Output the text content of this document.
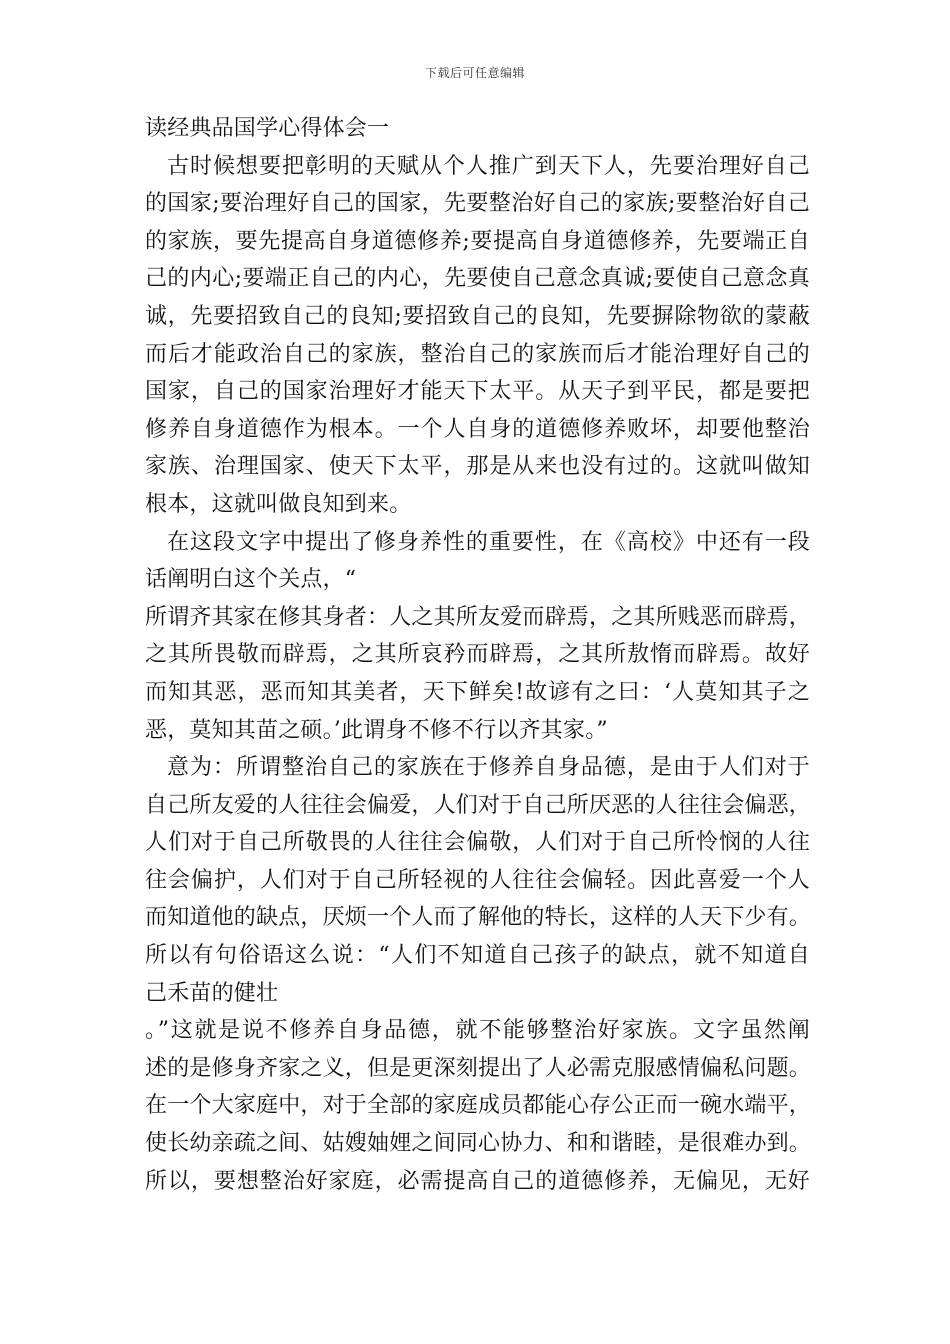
下载后可任意编辑
读经典品国学心得体会一
古时候想要把彰明的天赋从个人推广到天下人，先要治理好自己
的国家;要治理好自己的国家，先要整治好自己的家族;要整治好自己
的家族，要先提高自身道德修养;要提高自身道德修养，先要端正自
己的内心;要端正自己的内心，先要使自己意念真诚;要使自己意念真
诚，先要招致自己的良知;要招致自己的良知，先要摒除物欲的蒙蔽
而后才能政治自己的家族，整治自己的家族而后才能治理好自己的
国家，自己的国家治理好才能天下太平。从天子到平民，都是要把
修养自身道德作为根本。一个人自身的道德修养败坏，却要他整治
家族、治理国家、使天下太平，那是从来也没有过的。这就叫做知
根本，这就叫做良知到来。
在这段文字中提出了修身养性的重要性，在《高校》中还有一段
话阐明白这个关点，“
所谓齐其家在修其身者：人之其所友爱而辟焉，之其所贱恶而辟焉，
之其所畏敬而辟焉，之其所哀矜而辟焉，之其所敖惰而辟焉。故好
而知其恶，恶而知其美者，天下鲜矣!故谚有之曰：‘人莫知其子之
恶，莫知其苗之硕。’此谓身不修不行以齐其家。”
意为：所谓整治自己的家族在于修养自身品德，是由于人们对于
自己所友爱的人往往会偏爱，人们对于自己所厌恶的人往往会偏恶，
人们对于自己所敬畏的人往往会偏敬，人们对于自己所怜悯的人往
往会偏护，人们对于自己所轻视的人往往会偏轻。因此喜爱一个人
而知道他的缺点，厌烦一个人而了解他的特长，这样的人天下少有。
所以有句俗语这么说：“人们不知道自己孩子的缺点，就不知道自
己禾苗的健壮
。”这就是说不修养自身品德，就不能够整治好家族。文字虽然阐
述的是修身齐家之义，但是更深刻提出了人必需克服感情偏私问题。
在一个大家庭中，对于全部的家庭成员都能心存公正而一碗水端平，
使长幼亲疏之间、姑嫂妯娌之间同心协力、和和谐睦，是很难办到。
所以，要想整治好家庭，必需提高自己的道德修养，无偏见，无好
